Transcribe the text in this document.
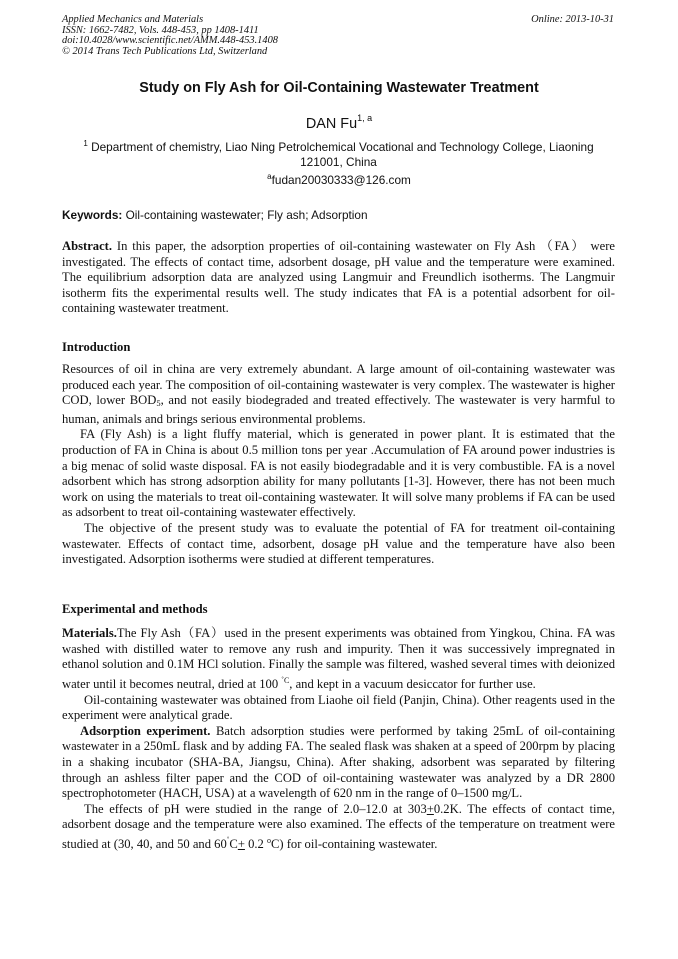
Applied Mechanics and Materials
ISSN: 1662-7482, Vols. 448-453, pp 1408-1411
doi:10.4028/www.scientific.net/AMM.448-453.1408
© 2014 Trans Tech Publications Ltd, Switzerland
Online: 2013-10-31
Study on Fly Ash for Oil-Containing Wastewater Treatment
DAN Fu$^{1, a}$
$^1$ Department of chemistry, Liao Ning Petrolchemical Vocational and Technology College, Liaoning 121001, China
$^a$fudan20030333@126.com
Keywords: Oil-containing wastewater; Fly ash; Adsorption

Abstract. In this paper, the adsorption properties of oil-containing wastewater on Fly Ash （FA） were investigated. The effects of contact time, adsorbent dosage, pH value and the temperature were examined. The equilibrium adsorption data are analyzed using Langmuir and Freundlich isotherms. The Langmuir isotherm fits the experimental results well. The study indicates that FA is a potential adsorbent for oil-containing wastewater treatment.

Introduction

Resources of oil in china are very extremely abundant. A large amount of oil-containing wastewater was produced each year. The composition of oil-containing wastewater is very complex. The wastewater is higher COD, lower $BOD_5$, and not easily biodegraded and treated effectively. The wastewater is very harmful to human, animals and brings serious environmental problems.

FA (Fly Ash) is a light fluffy material, which is generated in power plant. It is estimated that the production of FA in China is about 0.5 million tons per year .Accumulation of FA around power industries is a big menac of solid waste disposal. FA is not easily biodegradable and it is very combustible. FA is a novel adsorbent which has strong adsorption ability for many pollutants [1-3]. However, there has not been much work on using the materials to treat oil-containing wastewater. It will solve many problems if FA can be used as adsorbent to treat oil-containing wastewater effectively.

The objective of the present study was to evaluate the potential of FA for treatment oil-containing wastewater. Effects of contact time, adsorbent, dosage pH value and the temperature have also been investigated. Adsorption isotherms were studied at different temperatures.

Experimental and methods

Materials.The Fly Ash（FA）used in the present experiments was obtained from Yingkou, China. FA was washed with distilled water to remove any rush and impurity. Then it was successively impregnated in ethanol solution and 0.1M HCl solution. Finally the sample was filtered, washed several times with deionized water until it becomes neutral, dried at 100 $^{˚C}$, and kept in a vacuum desiccator for further use.

Oil-containing wastewater was obtained from Liaohe oil field (Panjin, China). Other reagents used in the experiment were analytical grade.

Adsorption experiment. Batch adsorption studies were performed by taking 25mL of oil-containing wastewater in a 250mL flask and by adding FA. The sealed flask was shaken at a speed of 200rpm by placing in a shaking incubator (SHA-BA, Jiangsu, China). After shaking, adsorbent was separated by filtering through an ashless filter paper and the COD of oil-containing wastewater was analyzed by a DR 2800 spectrophotometer (HACH, USA) at a wavelength of 620 nm in the range of 0–1500 mg/L.

The effects of pH were studied in the range of 2.0–12.0 at 303+0.2K. The effects of contact time, adsorbent dosage and the temperature were also examined. The effects of the temperature on treatment were studied at (30, 40, and 50 and 60˚C+ 0.2 $^o$C) for oil-containing wastewater.
